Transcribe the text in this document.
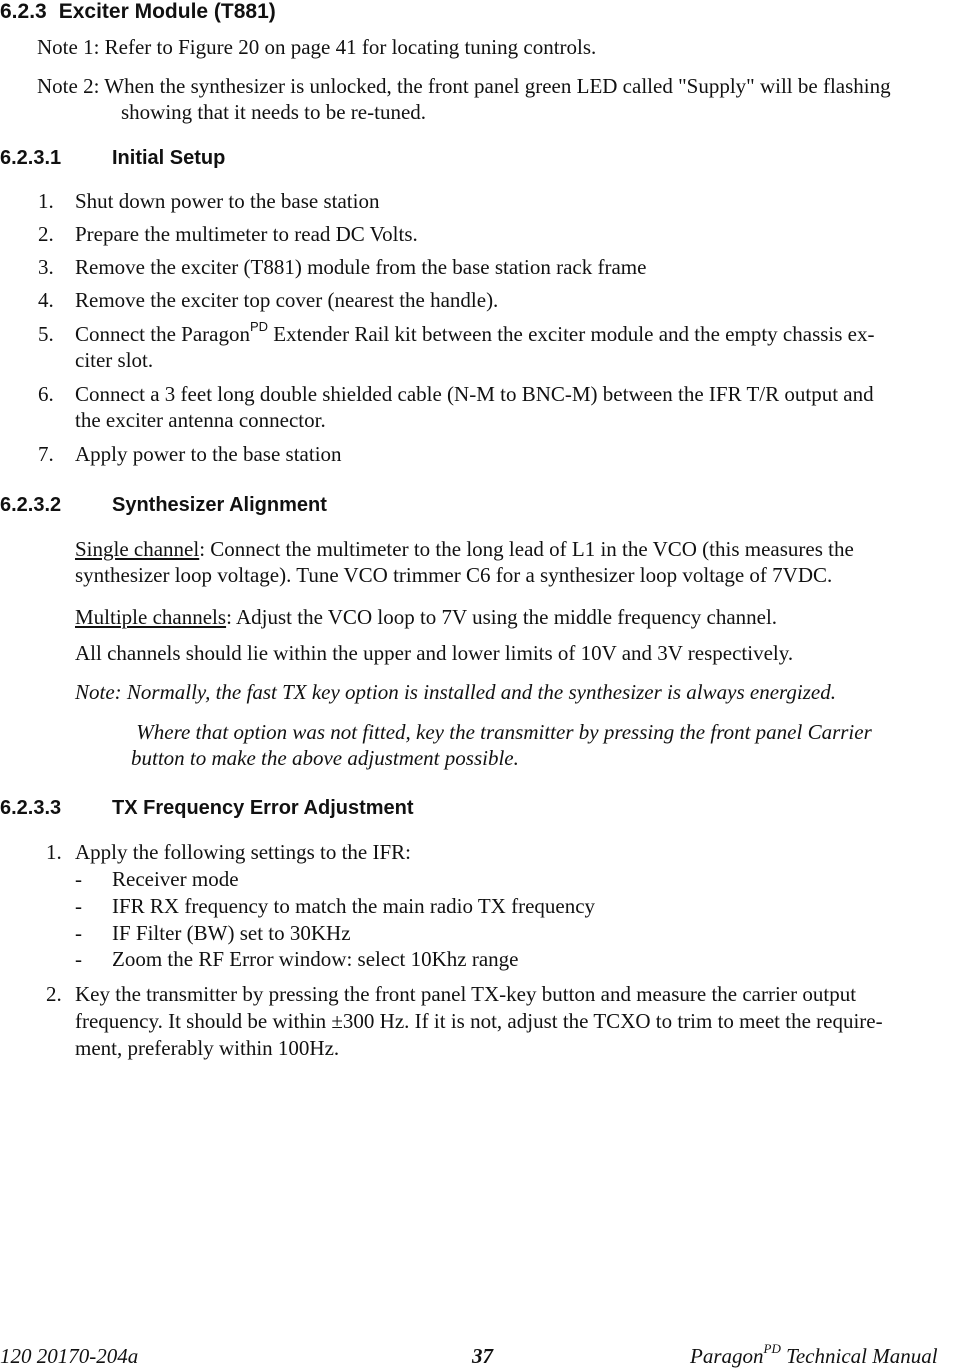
6.2.3 Exciter Module (T881)
Note 1: Refer to Figure 20 on page 41 for locating tuning controls.
Note 2: When the synthesizer is unlocked, the front panel green LED called "Supply" will be flashing
showing that it needs to be re-tuned.
6.2.3.1	Initial Setup
1. Shut down power to the base station
2. Prepare the multimeter to read DC Volts.
3. Remove the exciter (T881) module from the base station rack frame
4. Remove the exciter top cover (nearest the handle).
5. Connect the Paragon$^{PD}$ Extender Rail kit between the exciter module and the empty chassis ex-
citer slot.
6. Connect a 3 feet long double shielded cable (N-M to BNC-M) between the IFR T/R output and
the exciter antenna connector.
7. Apply power to the base station
6.2.3.2	Synthesizer Alignment
Single channel: Connect the multimeter to the long lead of L1 in the VCO (this measures the
synthesizer loop voltage). Tune VCO trimmer C6 for a synthesizer loop voltage of 7VDC.
Multiple channels: Adjust the VCO loop to 7V using the middle frequency channel.
All channels should lie within the upper and lower limits of 10V and 3V respectively.
Note: Normally, the fast TX key option is installed and the synthesizer is always energized.
Where that option was not fitted, key the transmitter by pressing the front panel Carrier
button to make the above adjustment possible.
6.2.3.3	TX Frequency Error Adjustment
1. Apply the following settings to the IFR:
- Receiver mode
- IFR RX frequency to match the main radio TX frequency
- IF Filter (BW) set to 30KHz
- Zoom the RF Error window: select 10Khz range
2. Key the transmitter by pressing the front panel TX-key button and measure the carrier output
frequency. It should be within ±300 Hz. If it is not, adjust the TCXO to trim to meet the require-
ment, preferably within 100Hz.
120 20170-204a	37	Paragon$^{PD}$ Technical Manual
